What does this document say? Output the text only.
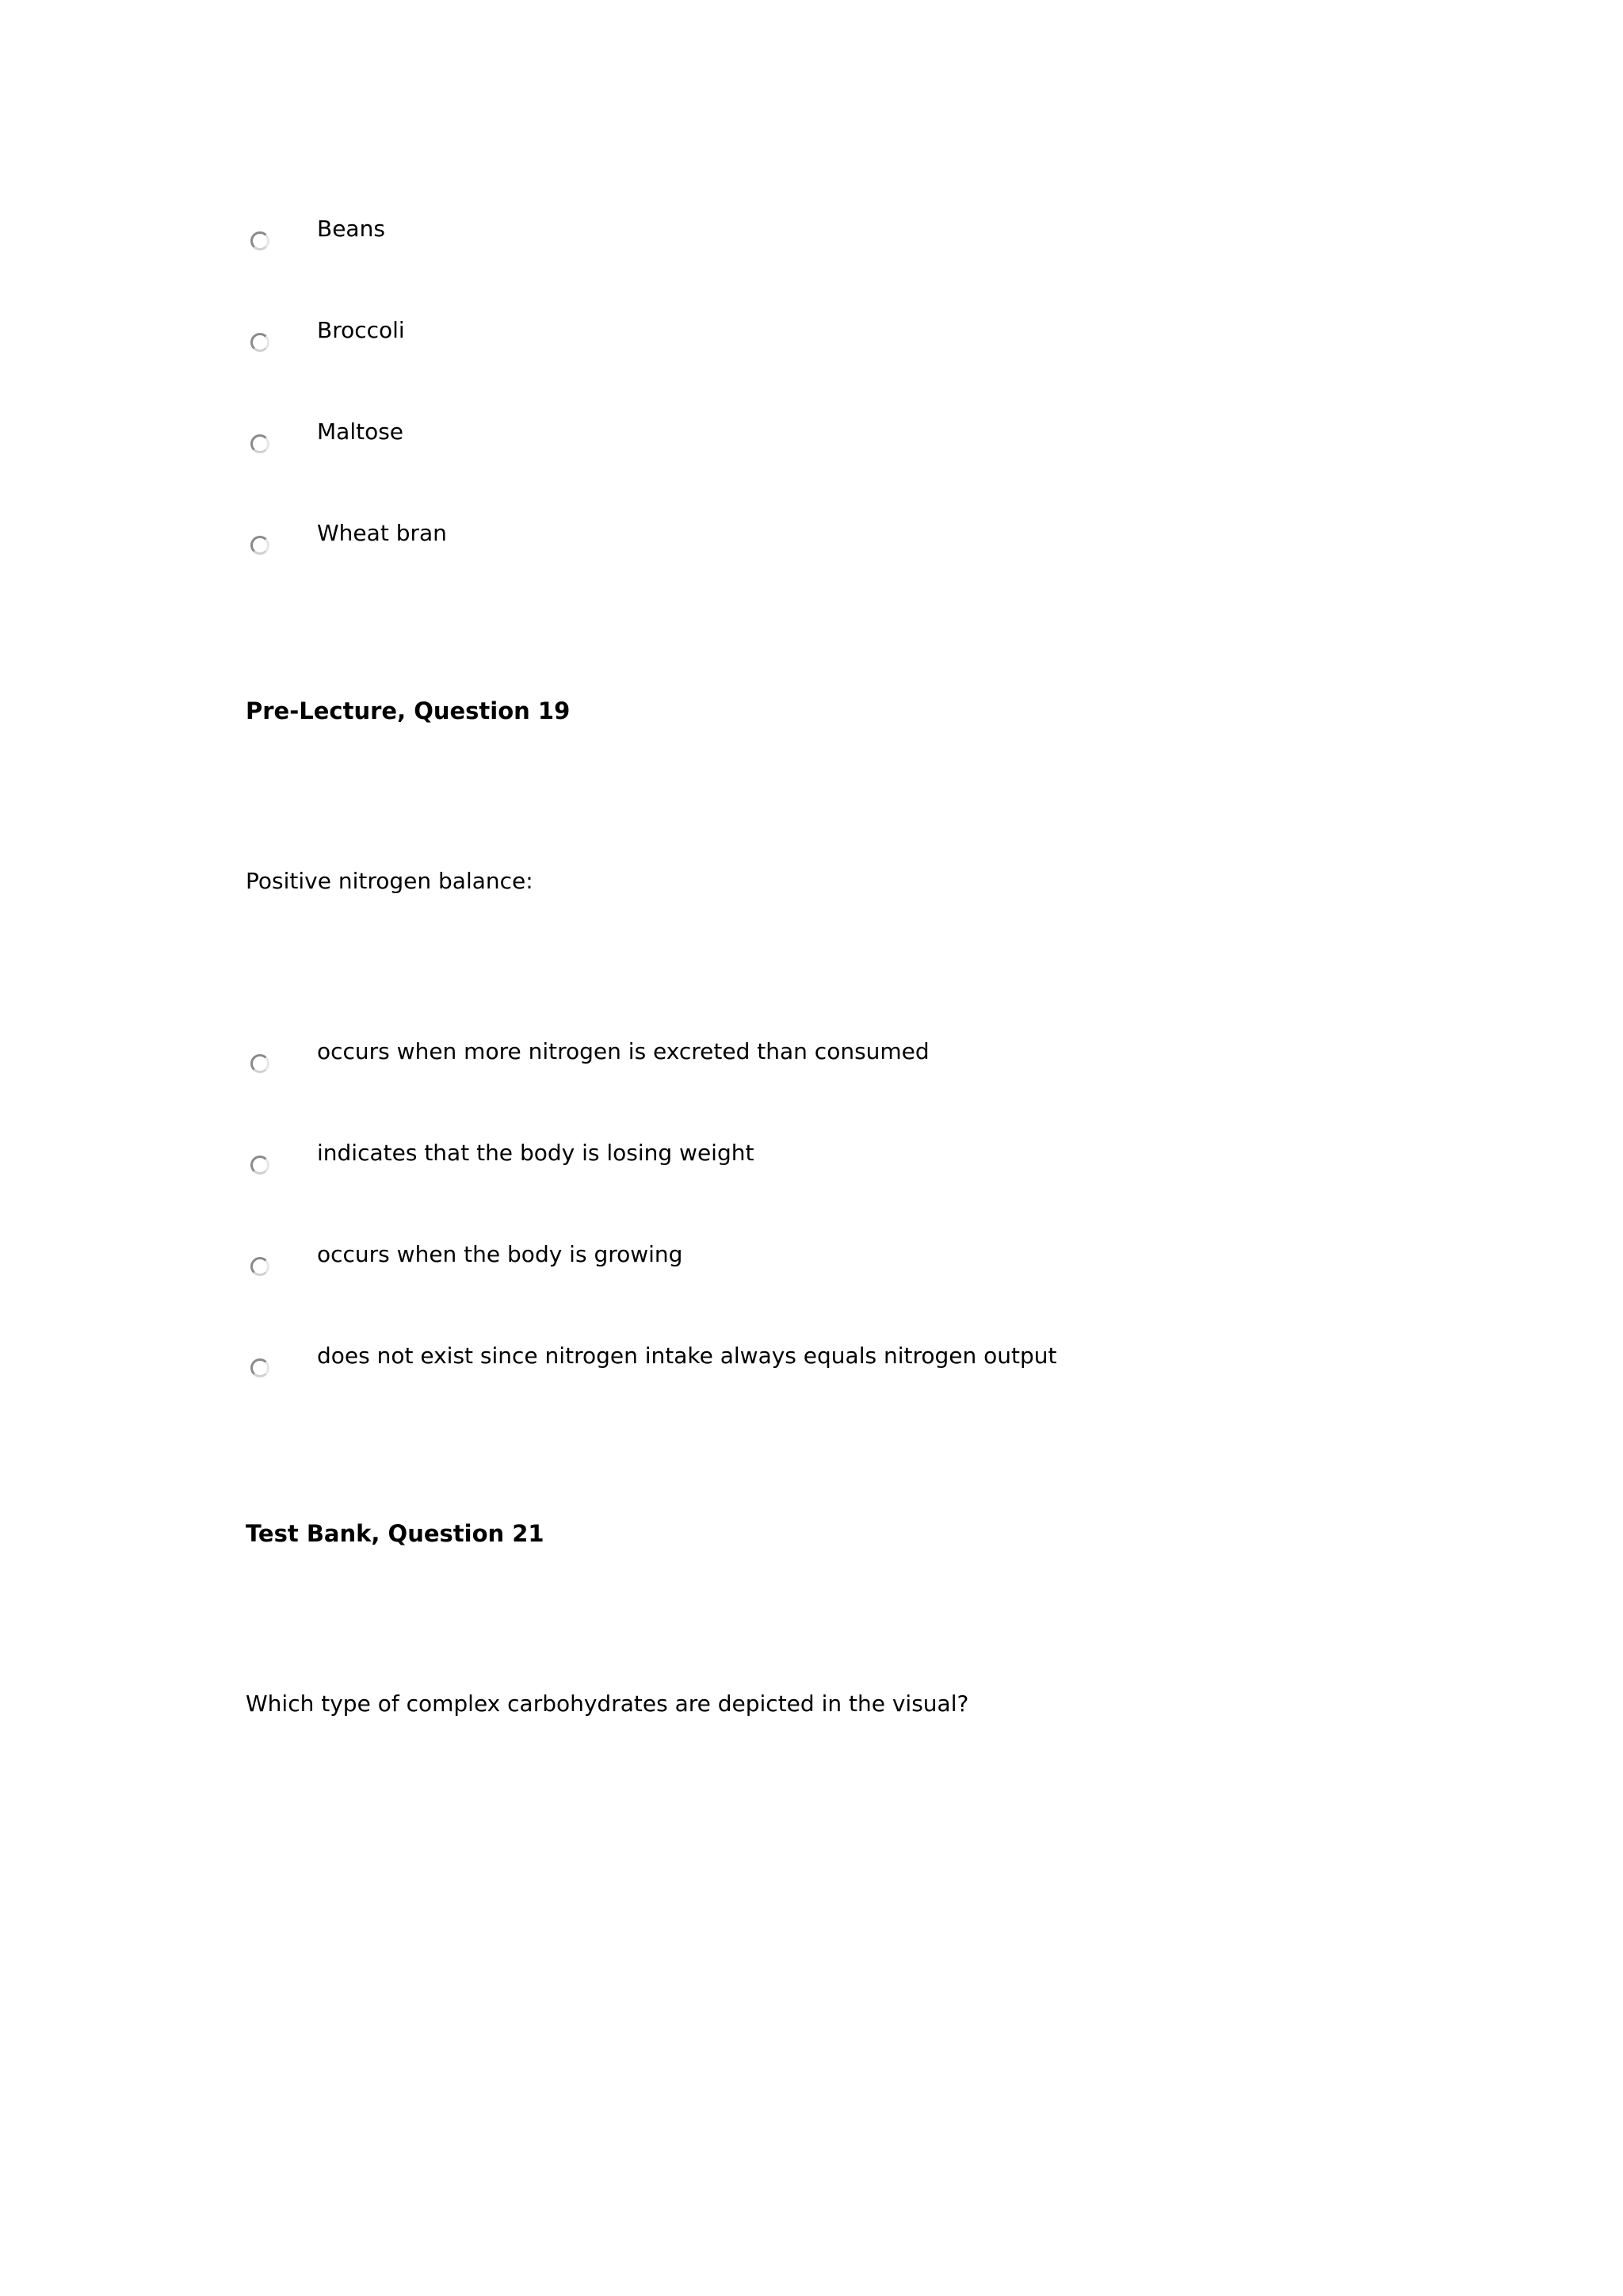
Beans
Broccoli
Maltose
Wheat bran
Pre-Lecture, Question 19
Positive nitrogen balance:
occurs when more nitrogen is excreted than consumed
indicates that the body is losing weight
occurs when the body is growing
does not exist since nitrogen intake always equals nitrogen output
Test Bank, Question 21
Which type of complex carbohydrates are depicted in the visual?
